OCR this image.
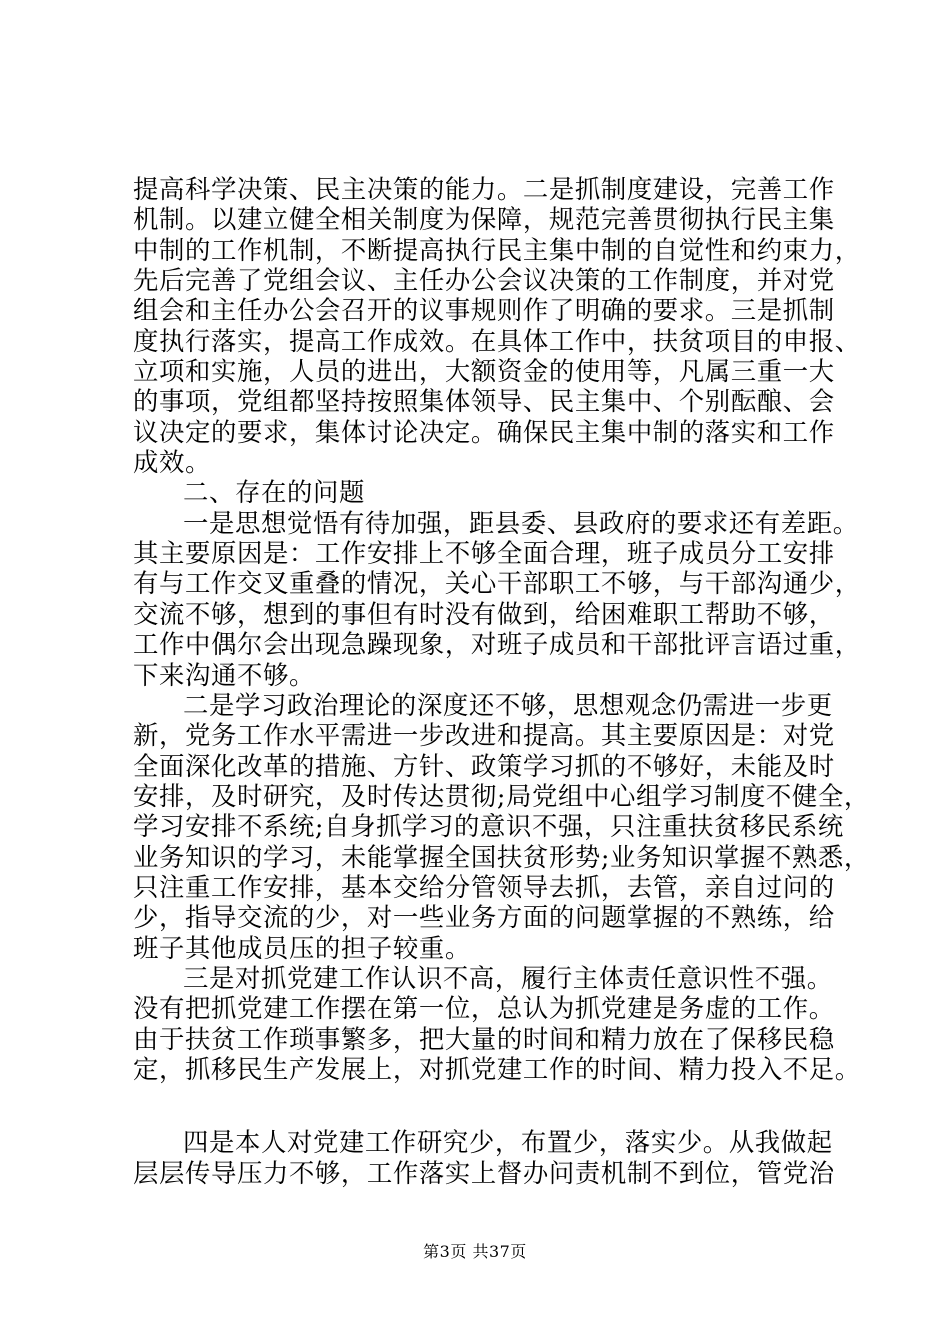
提高科学决策、民主决策的能力。二是抓制度建设，完善工作
机制。以建立健全相关制度为保障，规范完善贯彻执行民主集
中制的工作机制，不断提高执行民主集中制的自觉性和约束力，
先后完善了党组会议、主任办公会议决策的工作制度，并对党
组会和主任办公会召开的议事规则作了明确的要求。三是抓制
度执行落实，提高工作成效。在具体工作中，扶贫项目的申报、
立项和实施，人员的进出，大额资金的使用等，凡属三重一大
的事项，党组都坚持按照集体领导、民主集中、个别酝酿、会
议决定的要求，集体讨论决定。确保民主集中制的落实和工作
成效。
二、存在的问题
一是思想觉悟有待加强，距县委、县政府的要求还有差距。
其主要原因是：工作安排上不够全面合理，班子成员分工安排
有与工作交叉重叠的情况，关心干部职工不够，与干部沟通少，
交流不够，想到的事但有时没有做到，给困难职工帮助不够，
工作中偶尔会出现急躁现象，对班子成员和干部批评言语过重，
下来沟通不够。
二是学习政治理论的深度还不够，思想观念仍需进一步更
新，党务工作水平需进一步改进和提高。其主要原因是：对党
全面深化改革的措施、方针、政策学习抓的不够好，未能及时
安排，及时研究，及时传达贯彻;局党组中心组学习制度不健全，
学习安排不系统;自身抓学习的意识不强，只注重扶贫移民系统
业务知识的学习，未能掌握全国扶贫形势;业务知识掌握不熟悉，
只注重工作安排，基本交给分管领导去抓，去管，亲自过问的
少，指导交流的少，对一些业务方面的问题掌握的不熟练，给
班子其他成员压的担子较重。
三是对抓党建工作认识不高，履行主体责任意识性不强。
没有把抓党建工作摆在第一位，总认为抓党建是务虚的工作。
由于扶贫工作琐事繁多，把大量的时间和精力放在了保移民稳
定，抓移民生产发展上，对抓党建工作的时间、精力投入不足。
四是本人对党建工作研究少，布置少，落实少。从我做起
层层传导压力不够，工作落实上督办问责机制不到位，管党治
第3页 共37页
